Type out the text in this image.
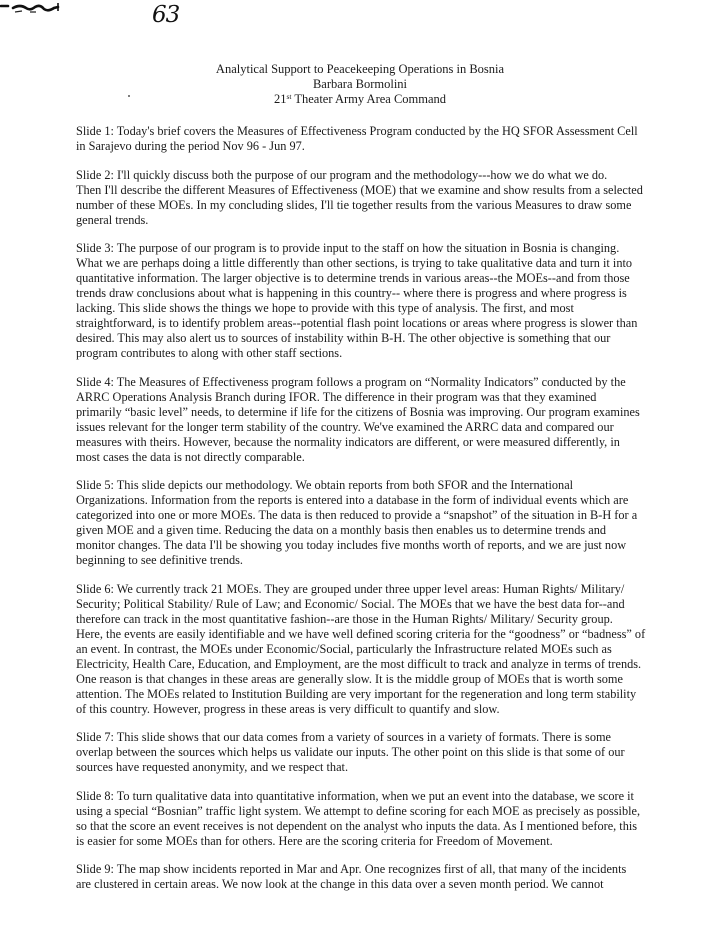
63
Analytical Support to Peacekeeping Operations in Bosnia
Barbara Bormolini
21st Theater Army Area Command

Slide 1: Today's brief covers the Measures of Effectiveness Program conducted by the HQ SFOR Assessment Cell
in Sarajevo during the period Nov 96 - Jun 97.

Slide 2: I'll quickly discuss both the purpose of our program and the methodology---how we do what we do.
Then I'll describe the different Measures of Effectiveness (MOE) that we examine and show results from a selected
number of these MOEs. In my concluding slides, I'll tie together results from the various Measures to draw some
general trends.

Slide 3: The purpose of our program is to provide input to the staff on how the situation in Bosnia is changing.
What we are perhaps doing a little differently than other sections, is trying to take qualitative data and turn it into
quantitative information. The larger objective is to determine trends in various areas--the MOEs--and from those
trends draw conclusions about what is happening in this country-- where there is progress and where progress is
lacking. This slide shows the things we hope to provide with this type of analysis. The first, and most
straightforward, is to identify problem areas--potential flash point locations or areas where progress is slower than
desired. This may also alert us to sources of instability within B-H. The other objective is something that our
program contributes to along with other staff sections.

Slide 4: The Measures of Effectiveness program follows a program on “Normality Indicators” conducted by the
ARRC Operations Analysis Branch during IFOR. The difference in their program was that they examined
primarily “basic level” needs, to determine if life for the citizens of Bosnia was improving. Our program examines
issues relevant for the longer term stability of the country. We've examined the ARRC data and compared our
measures with theirs. However, because the normality indicators are different, or were measured differently, in
most cases the data is not directly comparable.

Slide 5: This slide depicts our methodology. We obtain reports from both SFOR and the International
Organizations. Information from the reports is entered into a database in the form of individual events which are
categorized into one or more MOEs. The data is then reduced to provide a “snapshot” of the situation in B-H for a
given MOE and a given time. Reducing the data on a monthly basis then enables us to determine trends and
monitor changes. The data I'll be showing you today includes five months worth of reports, and we are just now
beginning to see definitive trends.

Slide 6: We currently track 21 MOEs. They are grouped under three upper level areas: Human Rights/ Military/
Security; Political Stability/ Rule of Law; and Economic/ Social. The MOEs that we have the best data for--and
therefore can track in the most quantitative fashion--are those in the Human Rights/ Military/ Security group.
Here, the events are easily identifiable and we have well defined scoring criteria for the “goodness” or “badness” of
an event. In contrast, the MOEs under Economic/Social, particularly the Infrastructure related MOEs such as
Electricity, Health Care, Education, and Employment, are the most difficult to track and analyze in terms of trends.
One reason is that changes in these areas are generally slow. It is the middle group of MOEs that is worth some
attention. The MOEs related to Institution Building are very important for the regeneration and long term stability
of this country. However, progress in these areas is very difficult to quantify and slow.

Slide 7: This slide shows that our data comes from a variety of sources in a variety of formats. There is some
overlap between the sources which helps us validate our inputs. The other point on this slide is that some of our
sources have requested anonymity, and we respect that.

Slide 8: To turn qualitative data into quantitative information, when we put an event into the database, we score it
using a special “Bosnian” traffic light system. We attempt to define scoring for each MOE as precisely as possible,
so that the score an event receives is not dependent on the analyst who inputs the data. As I mentioned before, this
is easier for some MOEs than for others. Here are the scoring criteria for Freedom of Movement.

Slide 9: The map show incidents reported in Mar and Apr. One recognizes first of all, that many of the incidents
are clustered in certain areas. We now look at the change in this data over a seven month period. We cannot
